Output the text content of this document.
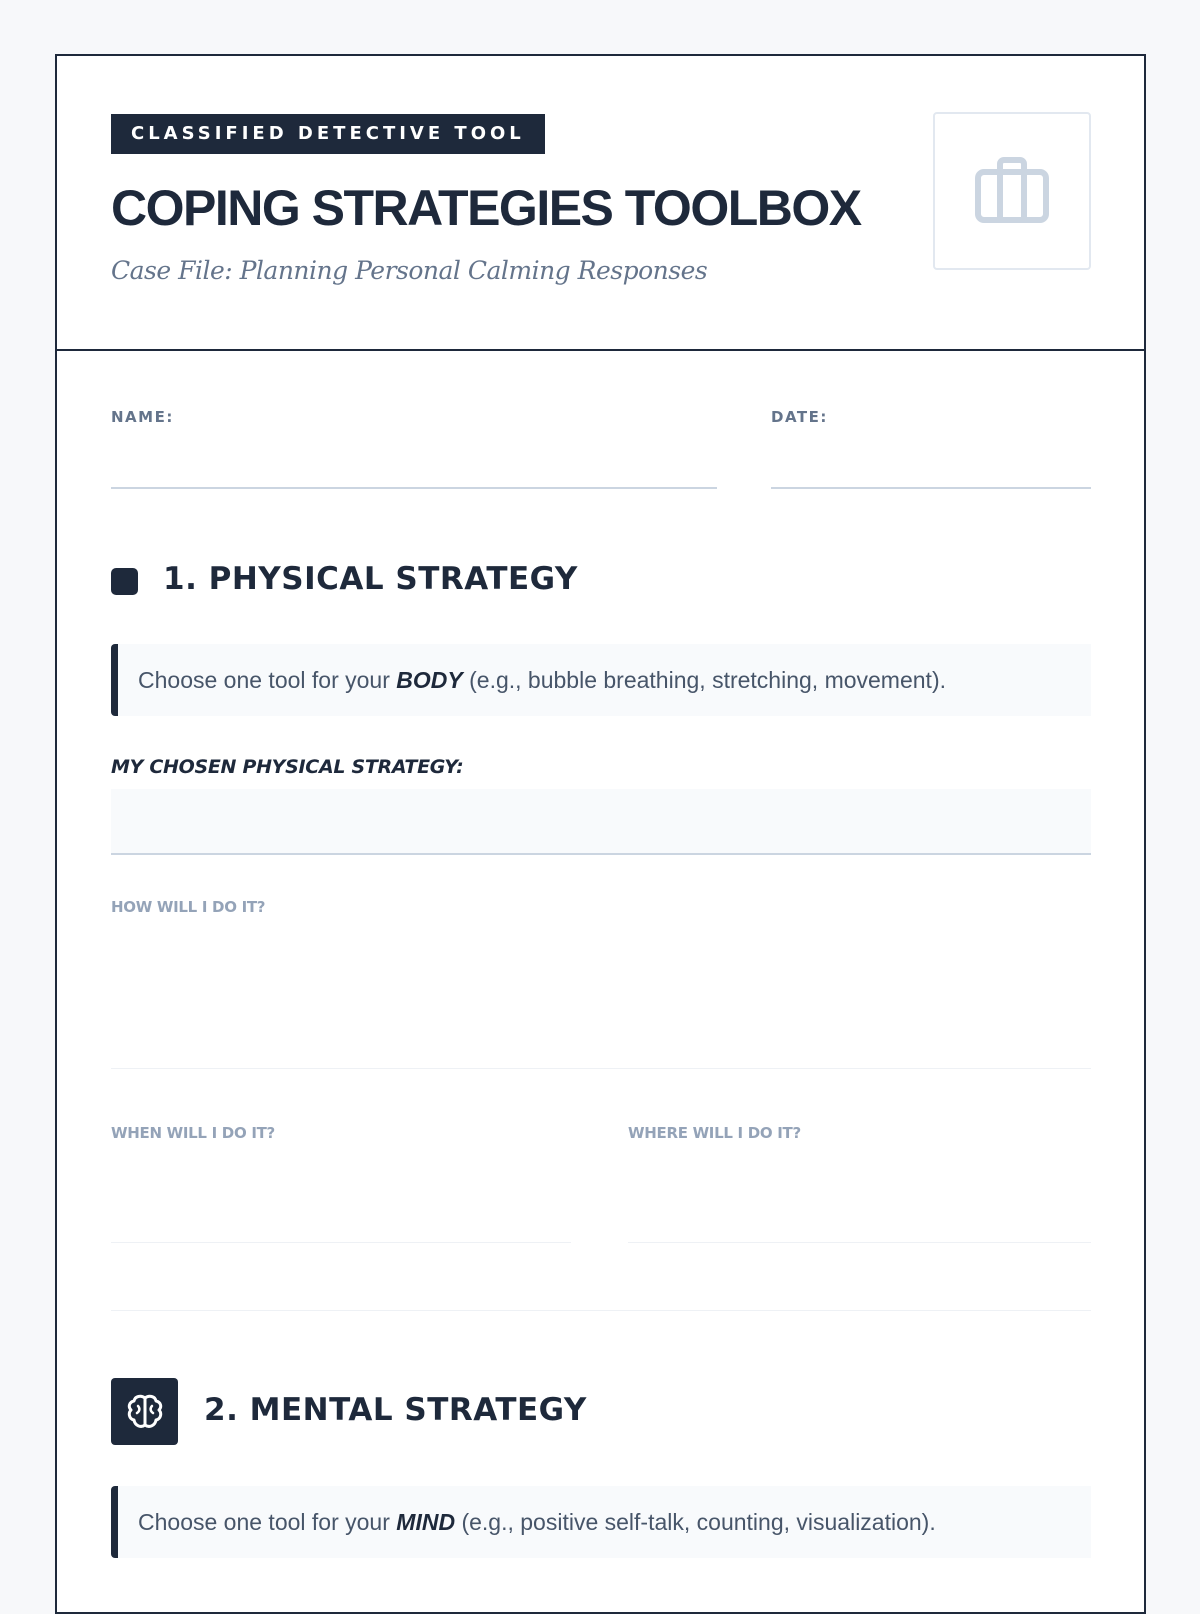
CLASSIFIED DETECTIVE TOOL
COPING STRATEGIES TOOLBOX
Case File: Planning Personal Calming Responses
NAME:	DATE:
1. PHYSICAL STRATEGY
Choose one tool for your BODY (e.g., bubble breathing, stretching, movement).
MY CHOSEN PHYSICAL STRATEGY:
HOW WILL I DO IT?
WHEN WILL I DO IT?	WHERE WILL I DO IT?
2. MENTAL STRATEGY
Choose one tool for your MIND (e.g., positive self-talk, counting, visualization).
